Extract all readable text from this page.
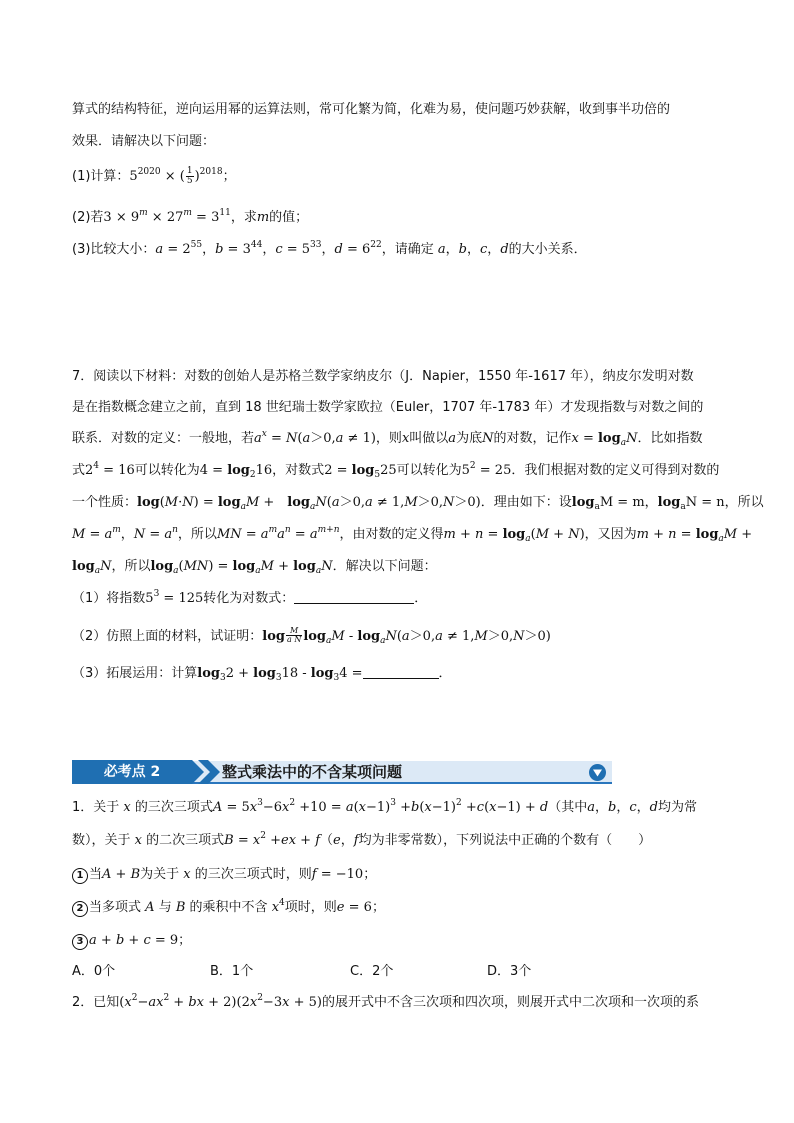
算式的结构特征，逆向运用幂的运算法则，常可化繁为简，化难为易，使问题巧妙获解，收到事半功倍的
效果．请解决以下问题：
(1)计算：$5^{2020}$ × ( $\frac{1}{5} )^{2018}$；
(2)若$3 \times 9^m \times 27^m = 3^{11}$，求m的值；
(3)比较大小：$a = 2^{55}$，$b = 3^{44}$，$c = 5^{33}$，$d = 6^{22}$，请确定 a，b，c，d的大小关系．
7．阅读以下材料：对数的创始人是苏格兰数学家纳皮尔（J．Napier，1550 年-1617 年），纳皮尔发明对数
是在指数概念建立之前，直到 18 世纪瑞士数学家欧拉（Euler，1707 年-1783 年）才发现指数与对数之间的
联系．对数的定义：一般地，若$a^x = N(a>0,a \ne 1)$，则x叫做以a为底N的对数，记作$x = \log_aN$．比如指数
式$2^4 = 16$可以转化为$4 = \log_216$，对数式$2 = \log_525$可以转化为$5^2 = 25$．我们根据对数的定义可得到对数的
一个性质：$\log(M\cdot N) = \log_aM$ +　$\log_aN(a>0,a \ne 1,M>0,N>0)$．理由如下：设$\log_aM = m$，$\log_aN = n$，所以
$M = a^m$，$N = a^n$，所以MN = $a^ma^n = a^{m+n}$，由对数的定义得$m + n = \log_a(M + N)$，又因为$m + n = \log_aM$ +
$\log_aN$，所以$\log_a(MN) = \log_aM + \log_aN$．解决以下问题：
（1）将指数$5^3 = 125$转化为对数式：	．
（2）仿照上面的材料，试证明：log $_{\frac{M}{\text{a N}}}$ $\log_aM - \log_aN(a>0,a \ne 1,M>0,N>0)$
（3）拓展运用：计算$\log_32 + \log_318 - \log_34$ =	．
必考点 2	整式乘法中的不含某项问题
1．关于 x 的三次三项式$A = 5x^3-6x^2 +10 = a(x-1)^3 +b(x-1)^2 +c(x-1) + d$（其中a，b，c，d均为常
数），关于 x 的二次三项式$B = x^2 +ex + f(e$，f均为非零常数），下列说法中正确的个数有（　　）
1 当A + B为关于 x 的三次三项式时，则f = −10；
2 当多项式 A 与 B 的乘积中不含 $x^4$项时，则e = 6；
3 a + b + c = 9；
A．0个	B．1个	C．2个	D．3个
2．已知($x^2-ax^2$ + bx + $2)(2x^2-3x + 5)$的展开式中不含三次项和四次项，则展开式中二次项和一次项的系
